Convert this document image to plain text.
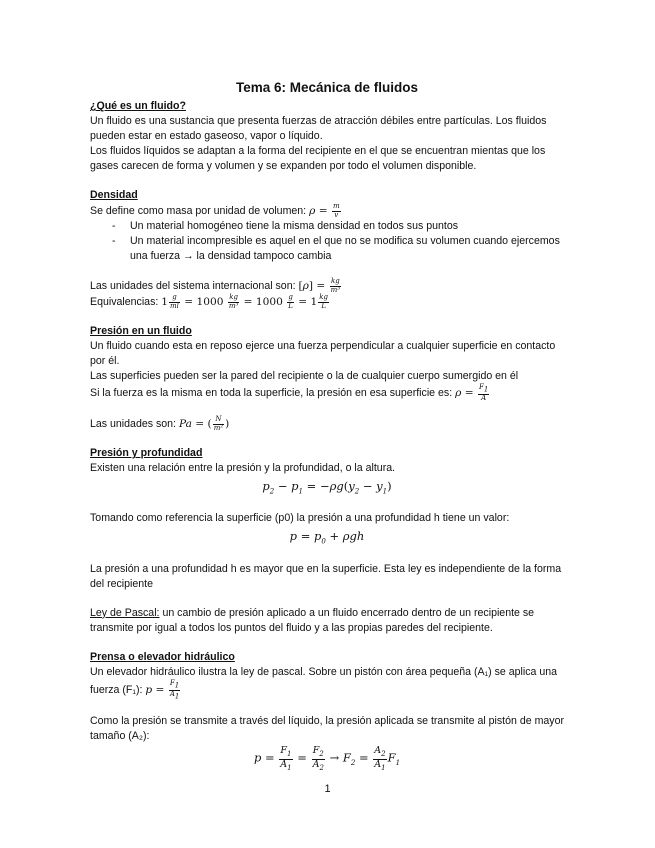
Tema 6: Mecánica de fluidos

¿Qué es un fluido?

Un fluido es una sustancia que presenta fuerzas de atracción débiles entre partículas. Los fluidos pueden estar en estado gaseoso, vapor o líquido.

Los fluidos líquidos se adaptan a la forma del recipiente en el que se encuentran mientas que los gases carecen de forma y volumen y se expanden por todo el volumen disponible.

Densidad

Se define como masa por unidad de volumen: $\rho = \frac{m}{v}$

- Un material homogéneo tiene la misma densidad en todos sus puntos
- Un material incompresible es aquel en el que no se modifica su volumen cuando ejercemos una fuerza → la densidad tampoco cambia

Las unidades del sistema internacional son: $[\rho] = \frac{kg}{\text{m³}}$

Equivalencias: $1 \frac{g}{ml} = 1000 \frac{kg}{\text{m³}} = 1000 \frac{g}{L} = 1 \frac{kg}{L}$

Presión en un fluido

Un fluido cuando esta en reposo ejerce una fuerza perpendicular a cualquier superficie en contacto por él.

Las superficies pueden ser la pared del recipiente o la de cualquier cuerpo sumergido en él

Si la fuerza es la misma en toda la superficie, la presión en esa superficie es: $\rho = \frac{F_1}{A}$

Las unidades son: Pa = ( $\frac{N}{\text{m²}}$ )

Presión y profundidad

Existen una relación entre la presión y la profundidad, o la altura.

$p_2 - p_1 = -\rho g(y_2 - y_1)$

Tomando como referencia la superficie (p0) la presión a una profundidad h tiene un valor:

$p = p_0 + \rho gh$

La presión a una profundidad h es mayor que en la superficie. Esta ley es independiente de la forma del recipiente

Ley de Pascal: un cambio de presión aplicado a un fluido encerrado dentro de un recipiente se transmite por igual a todos los puntos del fluido y a las propias paredes del recipiente.

Prensa o elevador hidráulico

Un elevador hidráulico ilustra la ley de pascal. Sobre un pistón con área pequeña (A₁) se aplica una fuerza (F₁): $p = \frac{F_1}{A_1}$

Como la presión se transmite a través del líquido, la presión aplicada se transmite al pistón de mayor tamaño (A₂):

$p = \frac{F_1}{A_1} = \frac{F_2}{A_2} \to F_2 = \frac{A_2}{A_1} F_1$
1
